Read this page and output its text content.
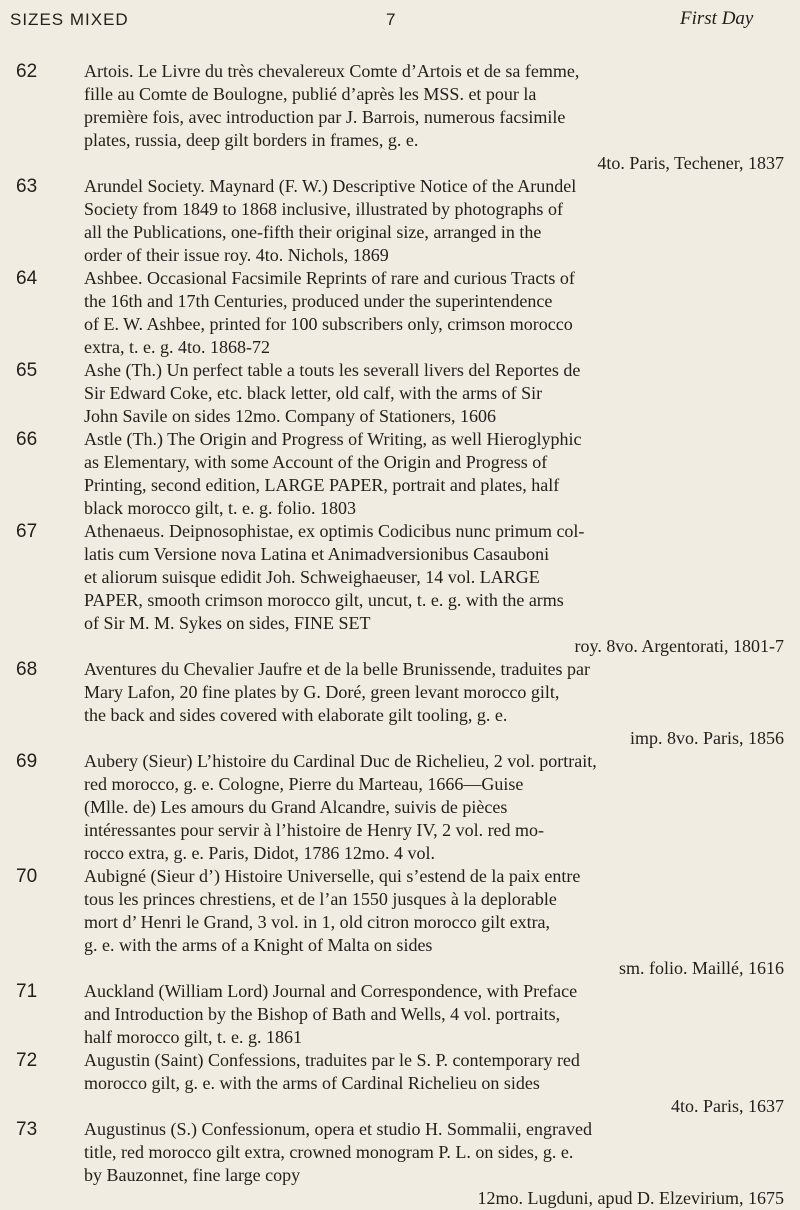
SIZES MIXED	7	First Day
62	Artois. Le Livre du très chevalereux Comte d’Artois et de sa femme,
fille au Comte de Boulogne, publié d’après les MSS. et pour la
première fois, avec introduction par J. Barrois, numerous facsimile
plates, russia, deep gilt borders in frames, g. e.
4to. Paris, Techener, 1837
63	Arundel Society. Maynard (F. W.) Descriptive Notice of the Arundel
Society from 1849 to 1868 inclusive, illustrated by photographs of
all the Publications, one-fifth their original size, arranged in the
order of their issue roy. 4to. Nichols, 1869
64	Ashbee. Occasional Facsimile Reprints of rare and curious Tracts of
the 16th and 17th Centuries, produced under the superintendence
of E. W. Ashbee, printed for 100 subscribers only, crimson morocco
extra, t. e. g. 4to. 1868-72
65	Ashe (Th.) Un perfect table a touts les severall livers del Reportes de
Sir Edward Coke, etc. black letter, old calf, with the arms of Sir
John Savile on sides 12mo. Company of Stationers, 1606
66	Astle (Th.) The Origin and Progress of Writing, as well Hieroglyphic
as Elementary, with some Account of the Origin and Progress of
Printing, second edition, LARGE PAPER, portrait and plates, half
black morocco gilt, t. e. g. folio. 1803
67	Athenaeus. Deipnosophistae, ex optimis Codicibus nunc primum col-
latis cum Versione nova Latina et Animadversionibus Casauboni
et aliorum suisque edidit Joh. Schweighaeuser, 14 vol. LARGE
PAPER, smooth crimson morocco gilt, uncut, t. e. g. with the arms
of Sir M. M. Sykes on sides, FINE SET
roy. 8vo. Argentorati, 1801-7
68	Aventures du Chevalier Jaufre et de la belle Brunissende, traduites par
Mary Lafon, 20 fine plates by G. Doré, green levant morocco gilt,
the back and sides covered with elaborate gilt tooling, g. e.
imp. 8vo. Paris, 1856
69	Aubery (Sieur) L’histoire du Cardinal Duc de Richelieu, 2 vol. portrait,
red morocco, g. e. Cologne, Pierre du Marteau, 1666—Guise
(Mlle. de) Les amours du Grand Alcandre, suivis de pièces
intéressantes pour servir à l’histoire de Henry IV, 2 vol. red mo-
rocco extra, g. e. Paris, Didot, 1786 12mo. 4 vol.
70	Aubigné (Sieur d’) Histoire Universelle, qui s’estend de la paix entre
tous les princes chrestiens, et de l’an 1550 jusques à la deplorable
mort d’ Henri le Grand, 3 vol. in 1, old citron morocco gilt extra,
g. e. with the arms of a Knight of Malta on sides
sm. folio. Maillé, 1616
71	Auckland (William Lord) Journal and Correspondence, with Preface
and Introduction by the Bishop of Bath and Wells, 4 vol. portraits,
half morocco gilt, t. e. g. 1861
72	Augustin (Saint) Confessions, traduites par le S. P. contemporary red
morocco gilt, g. e. with the arms of Cardinal Richelieu on sides
4to. Paris, 1637
73	Augustinus (S.) Confessionum, opera et studio H. Sommalii, engraved
title, red morocco gilt extra, crowned monogram P. L. on sides, g. e.
by Bauzonnet, fine large copy
12mo. Lugduni, apud D. Elzevirium, 1675
